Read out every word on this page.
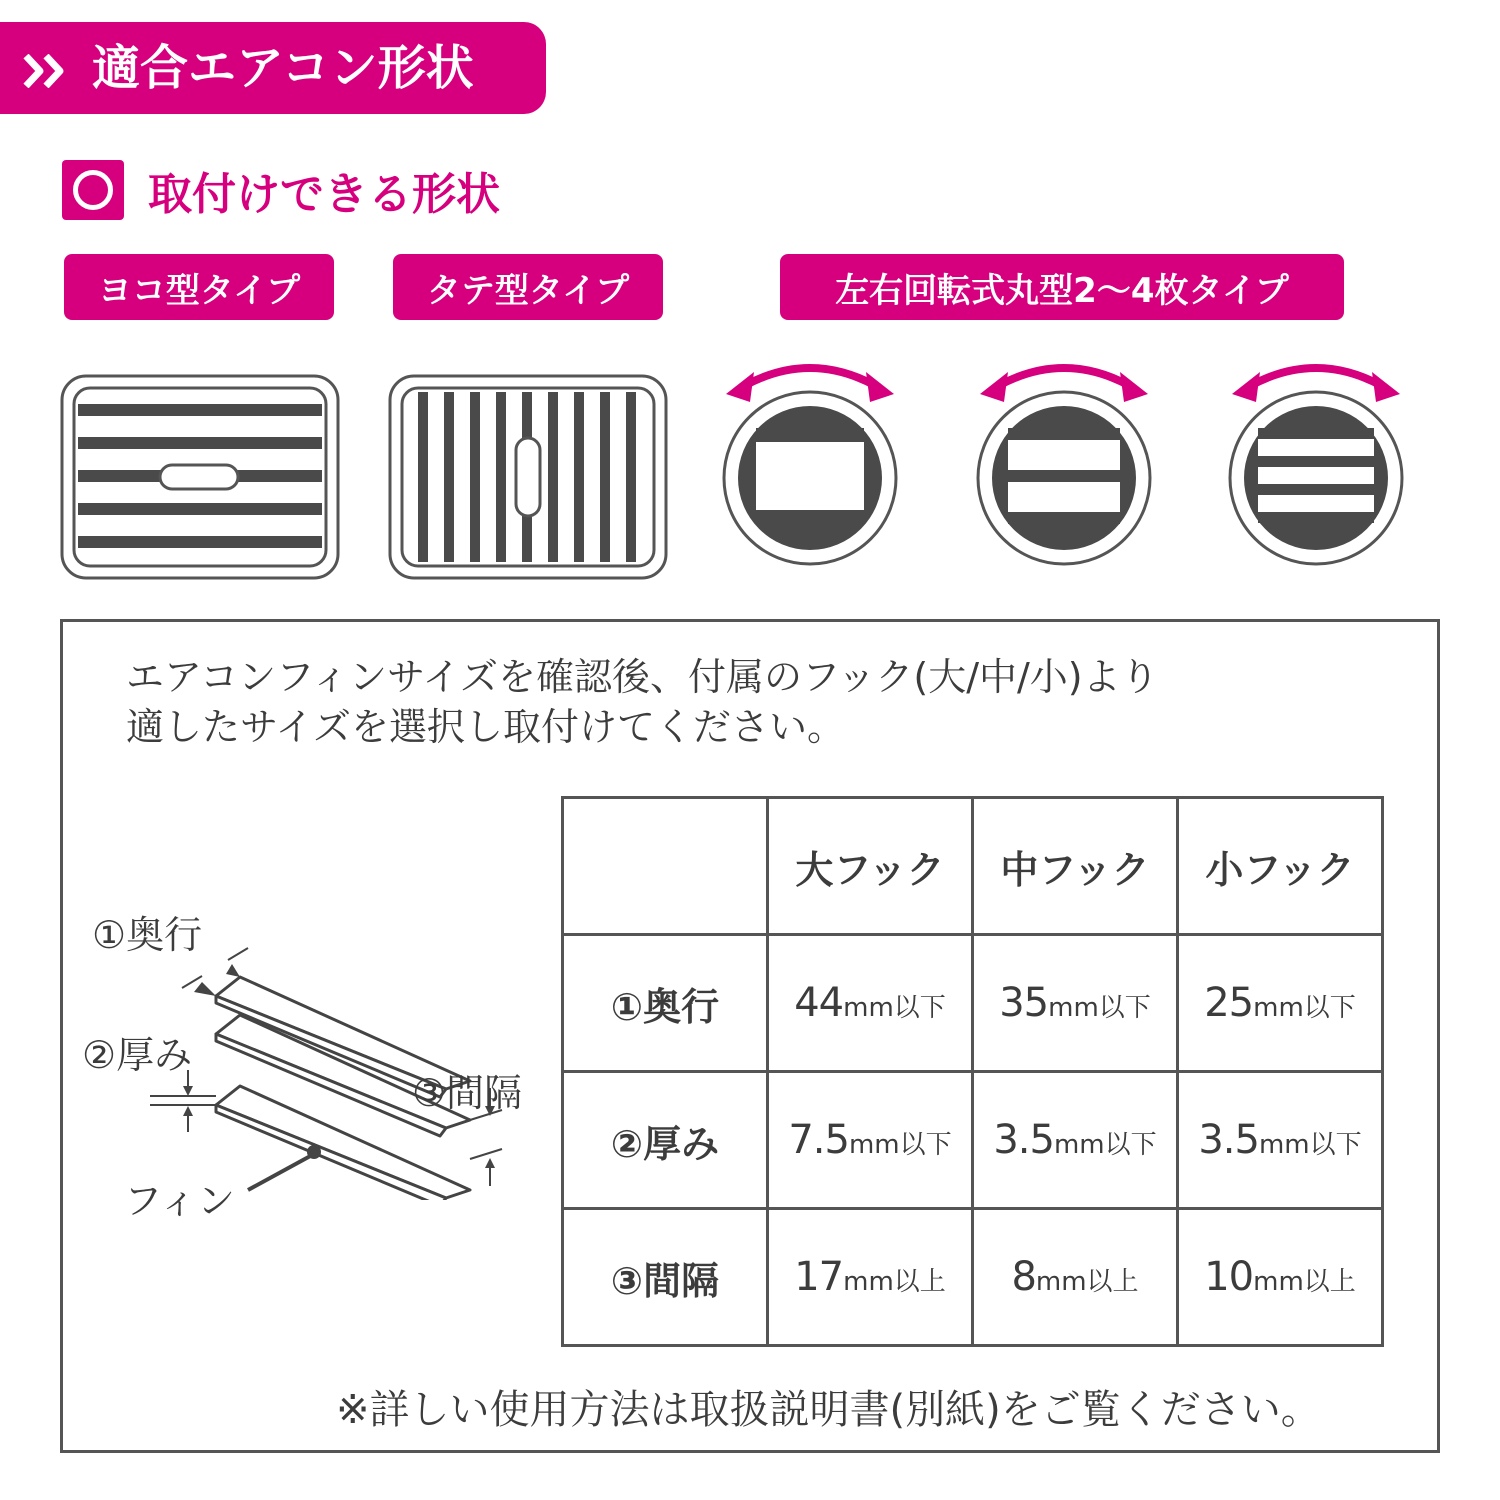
適合エアコン形状
取付けできる形状
ヨコ型タイプ	タテ型タイプ	左右回転式丸型2〜4枚タイプ
エアコンフィンサイズを確認後、付属のフック(大/中/小)より
適したサイズを選択し取付けてください。
①奥行
②厚み
③間隔
フィン
	大フック	中フック	小フック
①奥行	44mm以下	35mm以下	25mm以下
②厚み	7.5mm以下	3.5mm以下	3.5mm以下
③間隔	17mm以上	8mm以上	10mm以上
※詳しい使用方法は取扱説明書(別紙)をご覧ください。
